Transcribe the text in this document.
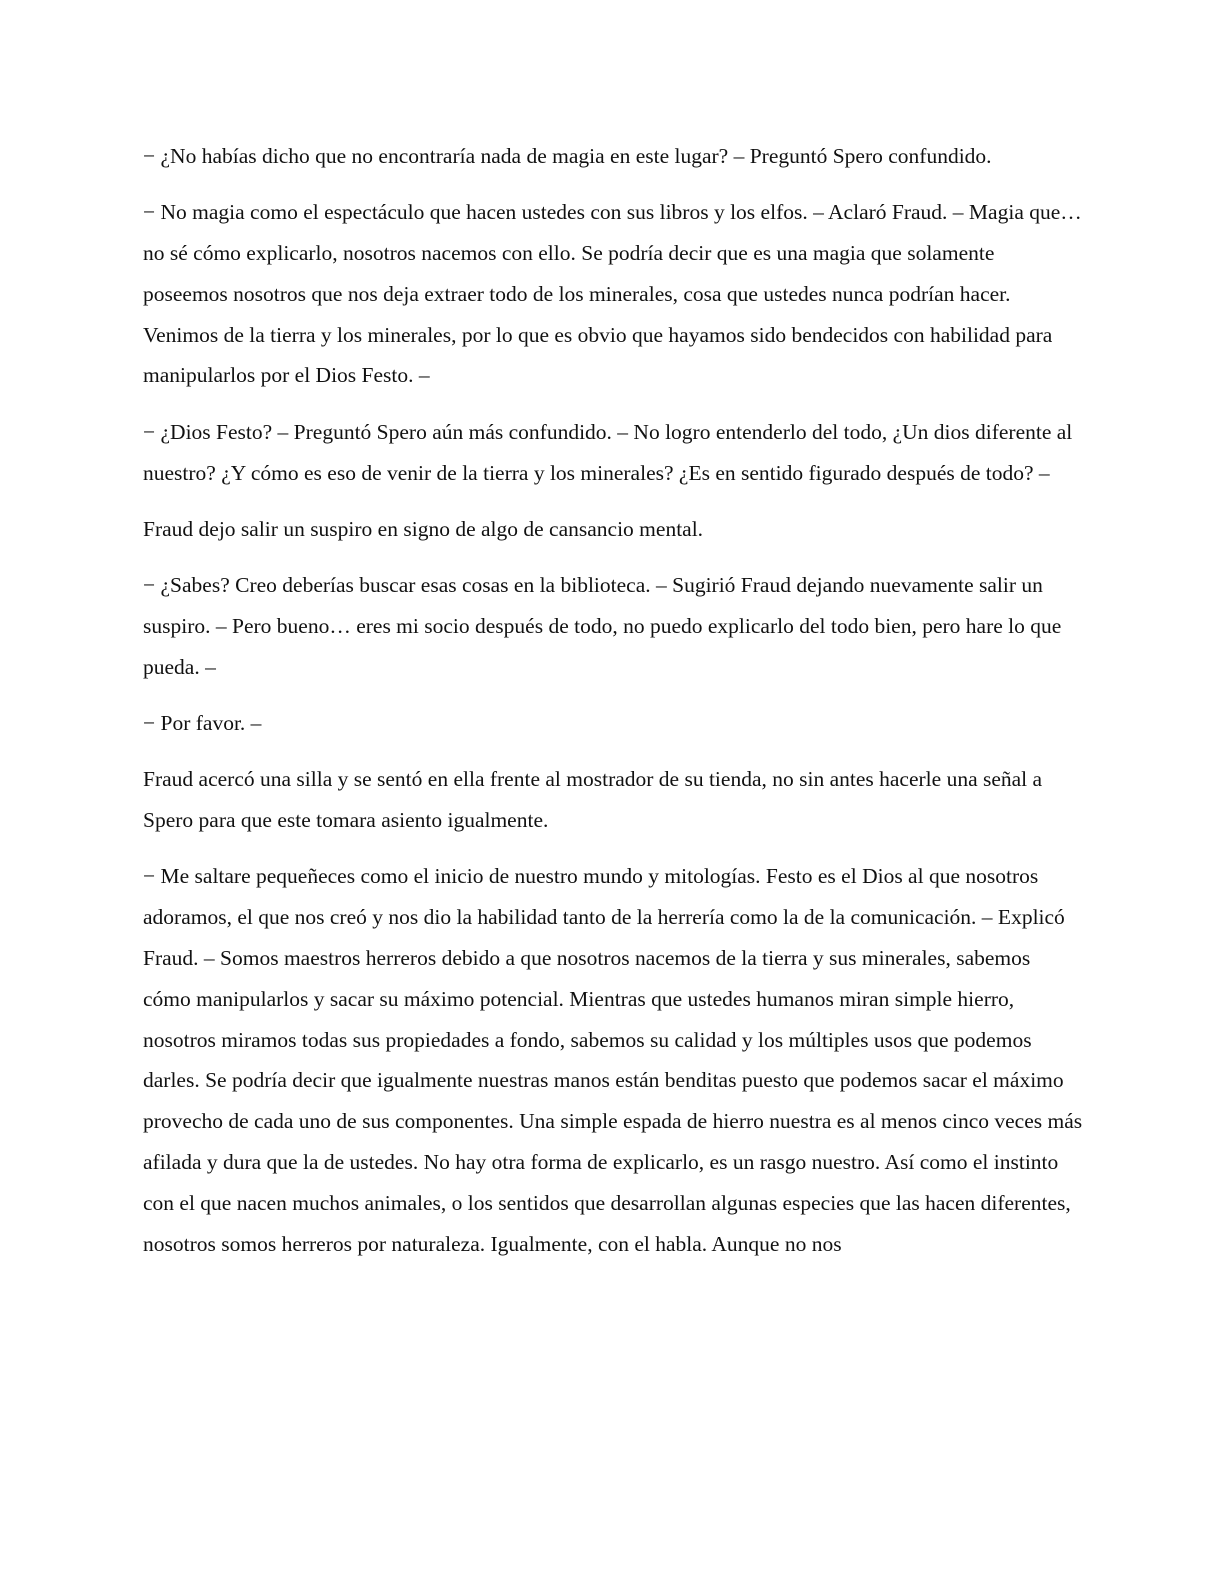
− ¿No habías dicho que no encontraría nada de magia en este lugar? – Preguntó Spero confundido.

− No magia como el espectáculo que hacen ustedes con sus libros y los elfos. – Aclaró Fraud. – Magia que… no sé cómo explicarlo, nosotros nacemos con ello. Se podría decir que es una magia que solamente poseemos nosotros que nos deja extraer todo de los minerales, cosa que ustedes nunca podrían hacer. Venimos de la tierra y los minerales, por lo que es obvio que hayamos sido bendecidos con habilidad para manipularlos por el Dios Festo. –

− ¿Dios Festo? – Preguntó Spero aún más confundido. – No logro entenderlo del todo, ¿Un dios diferente al nuestro? ¿Y cómo es eso de venir de la tierra y los minerales? ¿Es en sentido figurado después de todo? –

Fraud dejo salir un suspiro en signo de algo de cansancio mental.

− ¿Sabes? Creo deberías buscar esas cosas en la biblioteca. – Sugirió Fraud dejando nuevamente salir un suspiro. – Pero bueno… eres mi socio después de todo, no puedo explicarlo del todo bien, pero hare lo que pueda. –

− Por favor. –

Fraud acercó una silla y se sentó en ella frente al mostrador de su tienda, no sin antes hacerle una señal a Spero para que este tomara asiento igualmente.

− Me saltare pequeñeces como el inicio de nuestro mundo y mitologías. Festo es el Dios al que nosotros adoramos, el que nos creó y nos dio la habilidad tanto de la herrería como la de la comunicación. – Explicó Fraud. – Somos maestros herreros debido a que nosotros nacemos de la tierra y sus minerales, sabemos cómo manipularlos y sacar su máximo potencial. Mientras que ustedes humanos miran simple hierro, nosotros miramos todas sus propiedades a fondo, sabemos su calidad y los múltiples usos que podemos darles. Se podría decir que igualmente nuestras manos están benditas puesto que podemos sacar el máximo provecho de cada uno de sus componentes. Una simple espada de hierro nuestra es al menos cinco veces más afilada y dura que la de ustedes. No hay otra forma de explicarlo, es un rasgo nuestro. Así como el instinto con el que nacen muchos animales, o los sentidos que desarrollan algunas especies que las hacen diferentes, nosotros somos herreros por naturaleza. Igualmente, con el habla. Aunque no nos
